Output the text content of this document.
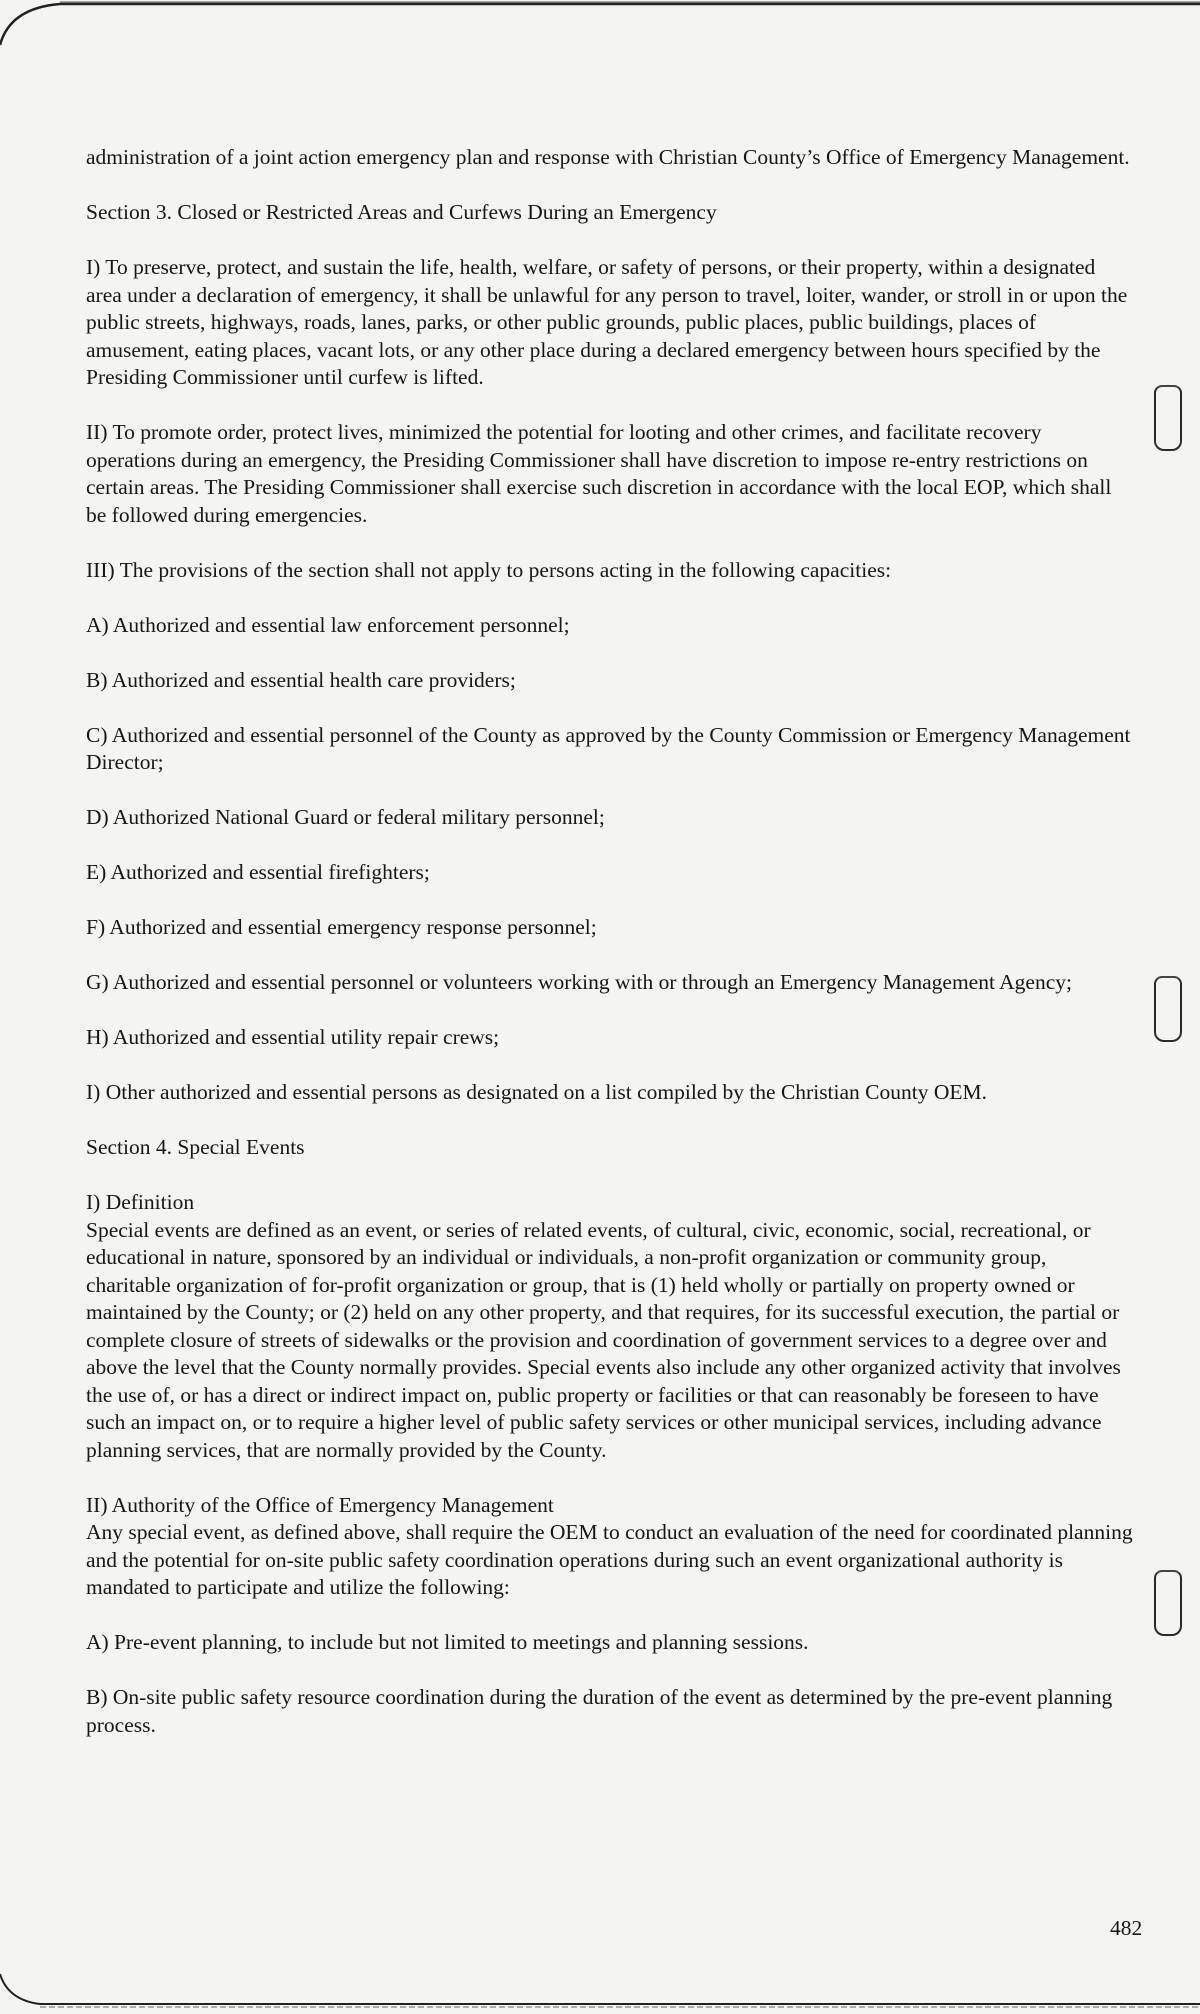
administration of a joint action emergency plan and response with Christian County’s Office of Emergency Management.

Section 3. Closed or Restricted Areas and Curfews During an Emergency

I) To preserve, protect, and sustain the life, health, welfare, or safety of persons, or their property, within a designated area under a declaration of emergency, it shall be unlawful for any person to travel, loiter, wander, or stroll in or upon the public streets, highways, roads, lanes, parks, or other public grounds, public places, public buildings, places of amusement, eating places, vacant lots, or any other place during a declared emergency between hours specified by the Presiding Commissioner until curfew is lifted.

II) To promote order, protect lives, minimized the potential for looting and other crimes, and facilitate recovery operations during an emergency, the Presiding Commissioner shall have discretion to impose re-entry restrictions on certain areas. The Presiding Commissioner shall exercise such discretion in accordance with the local EOP, which shall be followed during emergencies.

III) The provisions of the section shall not apply to persons acting in the following capacities:

A) Authorized and essential law enforcement personnel;

B) Authorized and essential health care providers;

C) Authorized and essential personnel of the County as approved by the County Commission or Emergency Management Director;

D) Authorized National Guard or federal military personnel;

E) Authorized and essential firefighters;

F) Authorized and essential emergency response personnel;

G) Authorized and essential personnel or volunteers working with or through an Emergency Management Agency;

H) Authorized and essential utility repair crews;

I) Other authorized and essential persons as designated on a list compiled by the Christian County OEM.

Section 4. Special Events

I) Definition

Special events are defined as an event, or series of related events, of cultural, civic, economic, social, recreational, or educational in nature, sponsored by an individual or individuals, a non-profit organization or community group, charitable organization of for-profit organization or group, that is (1) held wholly or partially on property owned or maintained by the County; or (2) held on any other property, and that requires, for its successful execution, the partial or complete closure of streets of sidewalks or the provision and coordination of government services to a degree over and above the level that the County normally provides. Special events also include any other organized activity that involves the use of, or has a direct or indirect impact on, public property or facilities or that can reasonably be foreseen to have such an impact on, or to require a higher level of public safety services or other municipal services, including advance planning services, that are normally provided by the County.

II) Authority of the Office of Emergency Management

Any special event, as defined above, shall require the OEM to conduct an evaluation of the need for coordinated planning and the potential for on-site public safety coordination operations during such an event organizational authority is mandated to participate and utilize the following:

A) Pre-event planning, to include but not limited to meetings and planning sessions.

B) On-site public safety resource coordination during the duration of the event as determined by the pre-event planning process.

482
